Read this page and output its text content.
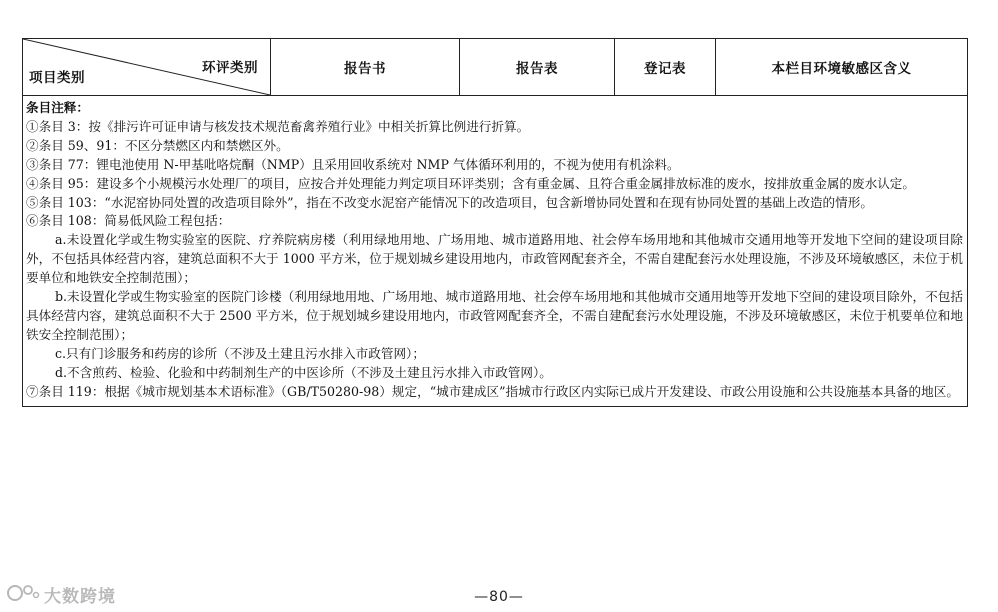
项目类别
环评类别	报告书	报告表	登记表	本栏目环境敏感区含义

条目注释：

①条目 3：按《排污许可证申请与核发技术规范畜禽养殖行业》中相关折算比例进行折算。

②条目 59、91：不区分禁燃区内和禁燃区外。

③条目 77：锂电池使用 N-甲基吡咯烷酮（NMP）且采用回收系统对 NMP 气体循环利用的，不视为使用有机涂料。

④条目 95：建设多个小规模污水处理厂的项目，应按合并处理能力判定项目环评类别；含有重金属、且符合重金属排放标准的废水，按排放重金属的废水认定。

⑤条目 103：“水泥窑协同处置的改造项目除外”，指在不改变水泥窑产能情况下的改造项目，包含新增协同处置和在现有协同处置的基础上改造的情形。

⑥条目 108：简易低风险工程包括：

a.未设置化学或生物实验室的医院、疗养院病房楼（利用绿地用地、广场用地、城市道路用地、社会停车场用地和其他城市交通用地等开发地下空间的建设项目除外，不包括具体经营内容，建筑总面积不大于 1000 平方米，位于规划城乡建设用地内，市政管网配套齐全，不需自建配套污水处理设施，不涉及环境敏感区，未位于机要单位和地铁安全控制范围）；

b.未设置化学或生物实验室的医院门诊楼（利用绿地用地、广场用地、城市道路用地、社会停车场用地和其他城市交通用地等开发地下空间的建设项目除外，不包括具体经营内容，建筑总面积不大于 2500 平方米，位于规划城乡建设用地内，市政管网配套齐全，不需自建配套污水处理设施，不涉及环境敏感区，未位于机要单位和地铁安全控制范围）；

c.只有门诊服务和药房的诊所（不涉及土建且污水排入市政管网）；

d.不含煎药、检验、化验和中药制剂生产的中医诊所（不涉及土建且污水排入市政管网）。

⑦条目 119：根据《城市规划基本术语标准》（GB/T50280-98）规定，“城市建成区”指城市行政区内实际已成片开发建设、市政公用设施和公共设施基本具备的地区。

—80—
大数跨境
